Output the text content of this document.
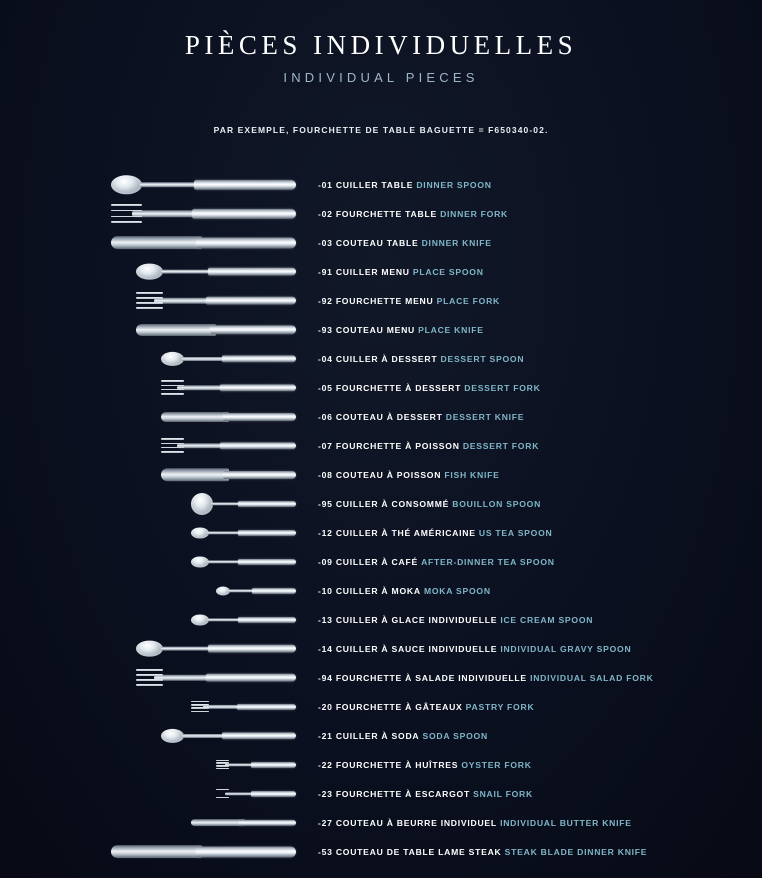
PIÈCES INDIVIDUELLES
INDIVIDUAL PIECES
PAR EXEMPLE, FOURCHETTE DE TABLE BAGUETTE = F650340-02.
-01 CUILLER TABLE DINNER SPOON
-02 FOURCHETTE TABLE DINNER FORK
-03 COUTEAU TABLE DINNER KNIFE
-91 CUILLER MENU PLACE SPOON
-92 FOURCHETTE MENU PLACE FORK
-93 COUTEAU MENU PLACE KNIFE
-04 CUILLER À DESSERT DESSERT SPOON
-05 FOURCHETTE À DESSERT DESSERT FORK
-06 COUTEAU À DESSERT DESSERT KNIFE
-07 FOURCHETTE À POISSON DESSERT FORK
-08 COUTEAU À POISSON FISH KNIFE
-95 CUILLER À CONSOMMÉ BOUILLON SPOON
-12 CUILLER À THÉ AMÉRICAINE US TEA SPOON
-09 CUILLER À CAFÉ AFTER-DINNER TEA SPOON
-10 CUILLER À MOKA MOKA SPOON
-13 CUILLER À GLACE INDIVIDUELLE ICE CREAM SPOON
-14 CUILLER À SAUCE INDIVIDUELLE INDIVIDUAL GRAVY SPOON
-94 FOURCHETTE À SALADE INDIVIDUELLE INDIVIDUAL SALAD FORK
-20 FOURCHETTE À GÂTEAUX PASTRY FORK
-21 CUILLER À SODA SODA SPOON
-22 FOURCHETTE À HUÎTRES OYSTER FORK
-23 FOURCHETTE À ESCARGOT SNAIL FORK
-27 COUTEAU À BEURRE INDIVIDUEL INDIVIDUAL BUTTER KNIFE
-53 COUTEAU DE TABLE LAME STEAK STEAK BLADE DINNER KNIFE
